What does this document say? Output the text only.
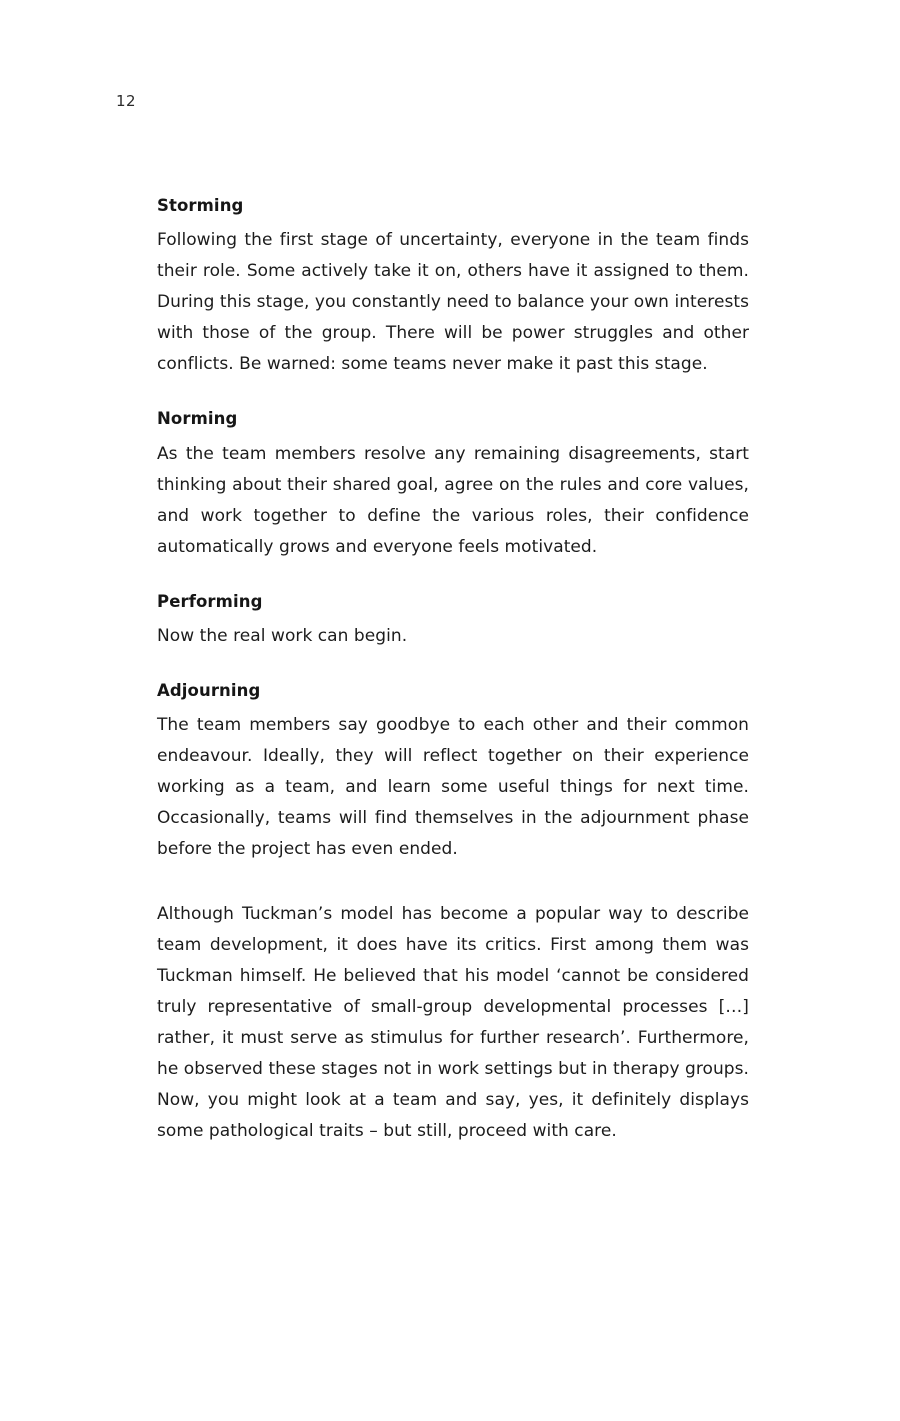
12
Storming

Following the first stage of uncertainty, everyone in the team finds their role. Some actively take it on, others have it assigned to them. During this stage, you constantly need to balance your own interests with those of the group. There will be power struggles and other conflicts. Be warned: some teams never make it past this stage.

Norming

As the team members resolve any remaining disagreements, start thinking about their shared goal, agree on the rules and core values, and work together to define the various roles, their confidence automatically grows and everyone feels motivated.

Performing

Now the real work can begin.

Adjourning

The team members say goodbye to each other and their common endeavour. Ideally, they will reflect together on their experience working as a team, and learn some useful things for next time. Occasionally, teams will find themselves in the adjournment phase before the project has even ended.

Although Tuckman’s model has become a popular way to describe team development, it does have its critics. First among them was Tuckman himself. He believed that his model ‘cannot be considered truly representative of small-group developmental processes […] rather, it must serve as stimulus for further research’. Furthermore, he observed these stages not in work settings but in therapy groups. Now, you might look at a team and say, yes, it definitely displays some pathological traits – but still, proceed with care.
